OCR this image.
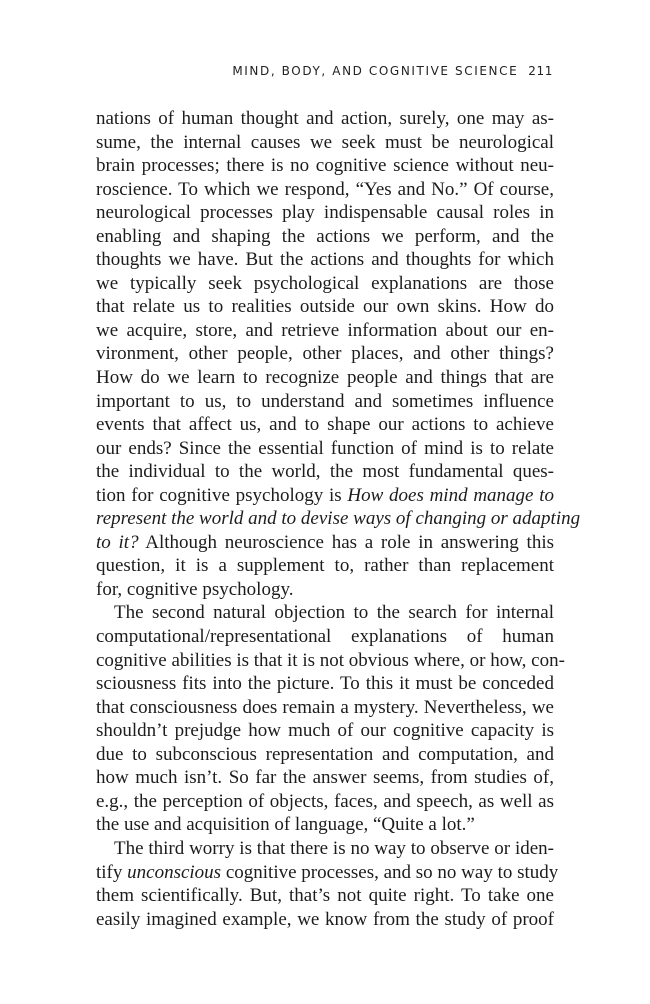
MIND, BODY, AND COGNITIVE SCIENCE 211
nations of human thought and action, surely, one may as-
sume, the internal causes we seek must be neurological
brain processes; there is no cognitive science without neu-
roscience. To which we respond, “Yes and No.” Of course,
neurological processes play indispensable causal roles in
enabling and shaping the actions we perform, and the
thoughts we have. But the actions and thoughts for which
we typically seek psychological explanations are those
that relate us to realities outside our own skins. How do
we acquire, store, and retrieve information about our en-
vironment, other people, other places, and other things?
How do we learn to recognize people and things that are
important to us, to understand and sometimes influence
events that affect us, and to shape our actions to achieve
our ends? Since the essential function of mind is to relate
the individual to the world, the most fundamental ques-
tion for cognitive psychology is How does mind manage to
represent the world and to devise ways of changing or adapting
to it? Although neuroscience has a role in answering this
question, it is a supplement to, rather than replacement
for, cognitive psychology.
The second natural objection to the search for internal
computational/representational explanations of human
cognitive abilities is that it is not obvious where, or how, con-
sciousness fits into the picture. To this it must be conceded
that consciousness does remain a mystery. Nevertheless, we
shouldn’t prejudge how much of our cognitive capacity is
due to subconscious representation and computation, and
how much isn’t. So far the answer seems, from studies of,
e.g., the perception of objects, faces, and speech, as well as
the use and acquisition of language, “Quite a lot.”
The third worry is that there is no way to observe or iden-
tify unconscious cognitive processes, and so no way to study
them scientifically. But, that’s not quite right. To take one
easily imagined example, we know from the study of proof
